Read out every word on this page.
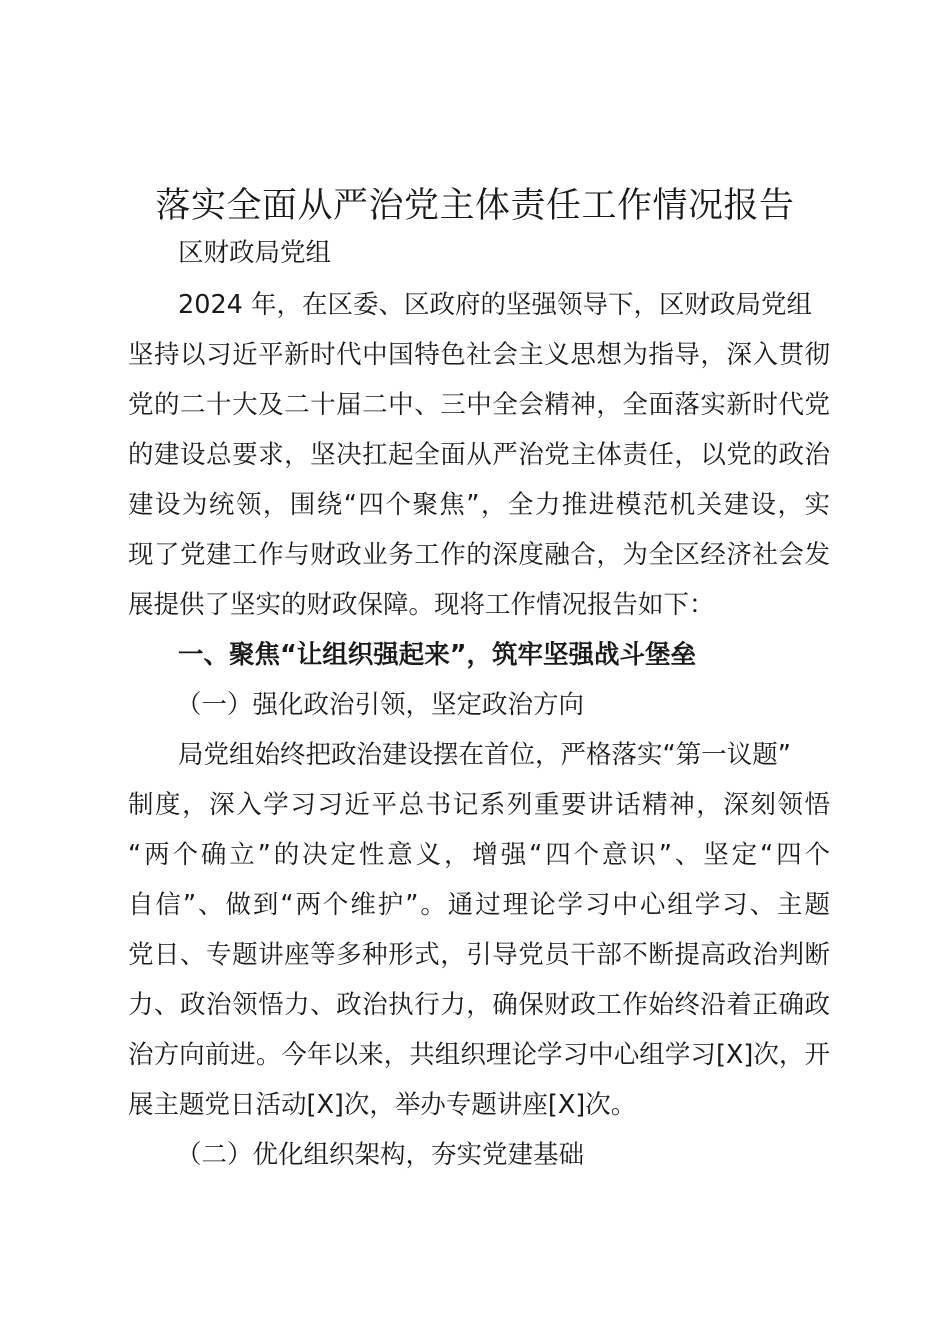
落实全面从严治党主体责任工作情况报告

区财政局党组

2024 年，在区委、区政府的坚强领导下，区财政局党组

坚持以习近平新时代中国特色社会主义思想为指导，深入贯彻

党的二十大及二十届二中、三中全会精神，全面落实新时代党

的建设总要求，坚决扛起全面从严治党主体责任，以党的政治

建设为统领，围绕“四个聚焦”，全力推进模范机关建设，实

现了党建工作与财政业务工作的深度融合，为全区经济社会发

展提供了坚实的财政保障。现将工作情况报告如下：

一、聚焦“让组织强起来”，筑牢坚强战斗堡垒

（一）强化政治引领，坚定政治方向

局党组始终把政治建设摆在首位，严格落实“第一议题”

制度，深入学习习近平总书记系列重要讲话精神，深刻领悟

“两个确立”的决定性意义，增强“四个意识”、坚定“四个

自信”、做到“两个维护”。通过理论学习中心组学习、主题

党日、专题讲座等多种形式，引导党员干部不断提高政治判断

力、政治领悟力、政治执行力，确保财政工作始终沿着正确政

治方向前进。今年以来，共组织理论学习中心组学习[X]次，开

展主题党日活动[X]次，举办专题讲座[X]次。

（二）优化组织架构，夯实党建基础
